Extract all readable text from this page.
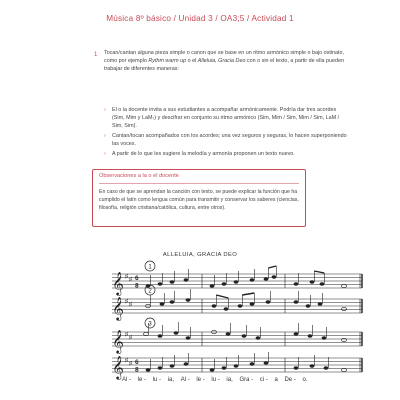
Música 8º básico / Unidad 3 / OA3;5 / Actividad 1
1 Tocan/cantan alguna pieza simple o canon que se base en un ritmo armónico simple o bajo ostinato, como por ejemplo Rythm warm up o el Alleluia, Gracia Deo con o sin el texto, a partir de ella pueden trabajar de diferentes maneras:
› El o la docente invita a sus estudiantes a acompañar armónicamente. Podría dar tres acordes (Sim, Mim y LaM₇) y descifrar en conjunto su ritmo armónico (Sim, Mim / Sim, Mim / Sim, LaM / Sim, Sim).
› Cantan/tocan acompañados con los acordes; una vez seguros y seguras, lo hacen superponiendo las voces.
› A partir de lo que les sugiere la melodía y armonía proponen un texto nuevo.
Observaciones a la o el docente
En caso de que se aprendan la canción con texto, se puede explicar la función que ha cumplido el latín como lengua común para transmitir y conservar los saberes (ciencias, filosofía, religión cristiana/católica, cultura, entre otros).
ALLELUIA, GRACIA DEO
𝄞 ♯ ♯ 6
8
1
𝄞 ♯ ♯
2
𝄞 ♯ ♯
3
𝄞 ♯ ♯ 6
8
Al - le - lu - ia, Al - le - lu - ia, Gra - ci - a De - o.
